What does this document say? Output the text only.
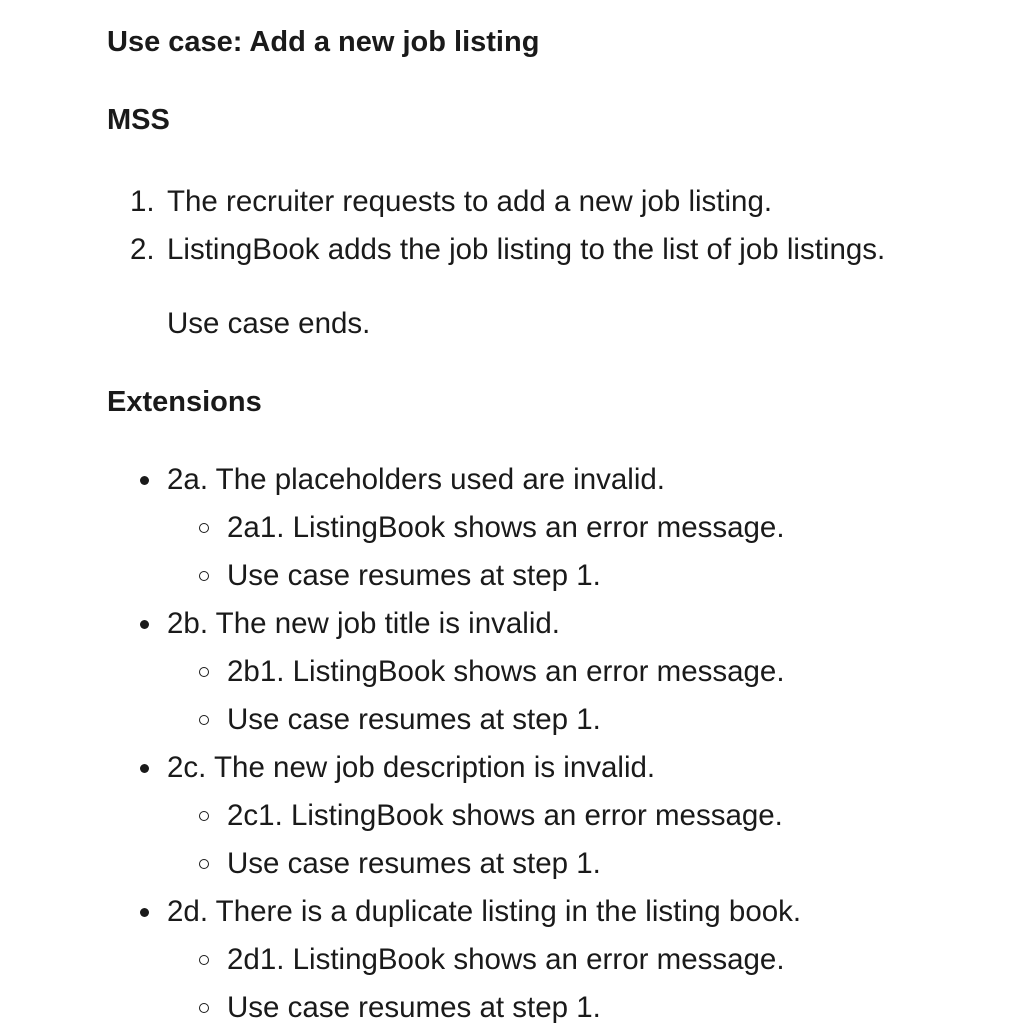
Use case: Add a new job listing
MSS
1. The recruiter requests to add a new job listing.
2. ListingBook adds the job listing to the list of job listings.
Use case ends.
Extensions
2a. The placeholders used are invalid.
2a1. ListingBook shows an error message.
Use case resumes at step 1.
2b. The new job title is invalid.
2b1. ListingBook shows an error message.
Use case resumes at step 1.
2c. The new job description is invalid.
2c1. ListingBook shows an error message.
Use case resumes at step 1.
2d. There is a duplicate listing in the listing book.
2d1. ListingBook shows an error message.
Use case resumes at step 1.
